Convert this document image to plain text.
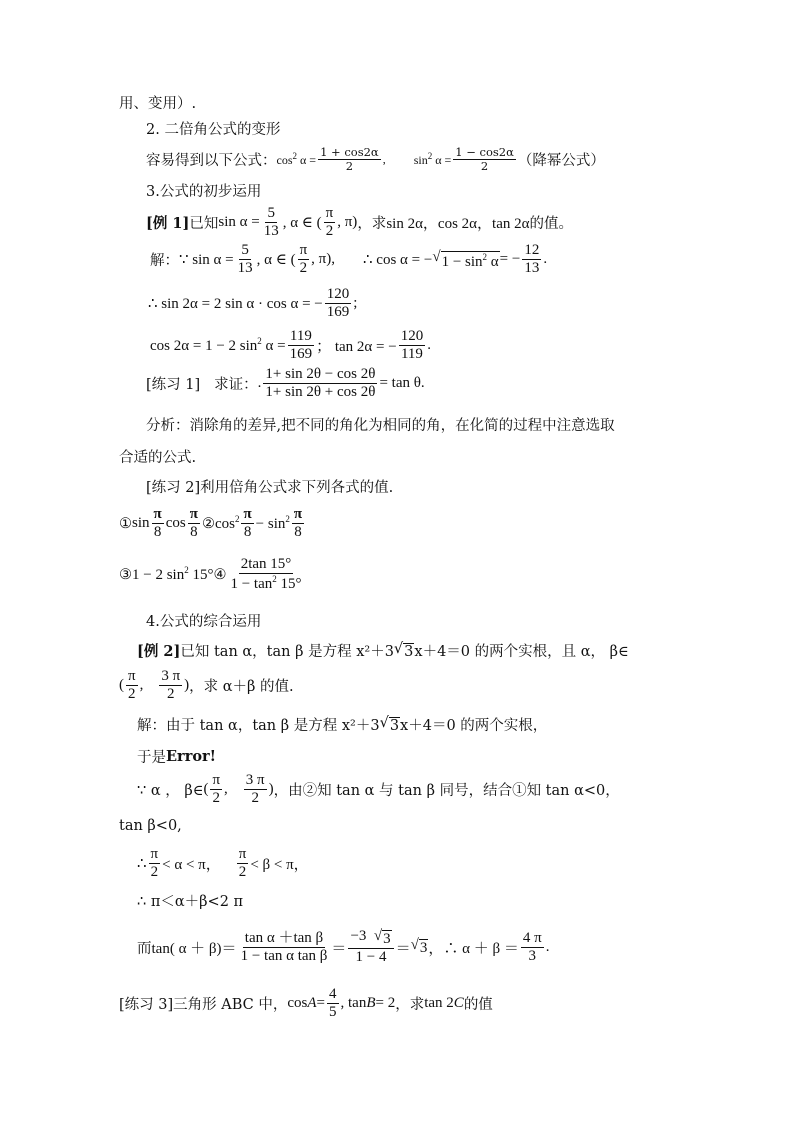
用、变用）.
2. 二倍角公式的变形
容易得到以下公式： $\cos^2 \alpha = \frac{1 + \cos 2\alpha}{2}$ , $\sin^2 \alpha = \frac{1 - \cos 2\alpha}{2}$ （降幂公式）
3.公式的初步运用
[例 1] 已知 $\sin \alpha = \frac{5}{13}$ , α ∈ ( $\frac{\pi}{2}$ , π) ，求 sin 2α，cos 2α，tan 2α 的值。
解： ∵ $\sin \alpha = \frac{5}{13}$ , α ∈ ( $\frac{\pi}{2}$ , π), ∴ cos α = − √ $1 - \sin^2 \alpha$ = − $\frac{12}{13}$ .
∴ sin 2α = 2 sin α · cos α = − $\frac{120}{169}$ ;
cos 2α = 1 − 2 $\sin^2 \alpha = \frac{119}{169}$ ； tan 2α = − $\frac{120}{119}$ .
[练习 1] 求证： . $\frac{1+ \sin 2\theta - \cos 2\theta}{1+ \sin 2\theta + \cos 2\theta} = \tan \theta$.
分析：消除角的差异,把不同的角化为相同的角，在化简的过程中注意选取
合适的公式.
[练习 2]利用倍角公式求下列各式的值.
① $\sin \frac{\pi}{8}$ $\cos \frac{\pi}{8}$ ② $\cos^2 \frac{\pi}{8} - \sin^2 \frac{\pi}{8}$
③ 1 − 2 $\sin^2 15^\circ$ ④ $\frac{2\tan 15^\circ}{1 - \tan^2 15^\circ}$
4.公式的综合运用
[例 2] 已知 tan α，tan β 是方程 x²＋3 √ 3 x＋4＝0 的两个实根，且 α， β∈
( $\frac{\pi}{2}$ , $\frac{3 \pi}{2}$ ) ，求 α＋β 的值.
解：由于 tan α，tan β 是方程 x²＋3 √ 3 x＋4＝0 的两个实根，
于是 Error!
∵ α ， β∈ ( $\frac{\pi}{2}$ , $\frac{3 \pi}{2}$ ) ，由②知 tan α 与 tan β 同号，结合①知 tan α<0，
tan β<0,
∴ $\frac{\pi}{2} < \alpha < \pi$， $\frac{\pi}{2} < \beta < \pi$，
∴ π＜α＋β<2 π
而 tan( $\alpha + \beta)= \frac{\text{tan α ＋tan β}}{\text{1 − tan α tan β}} = \frac{-3 √ 3}{1 - 4}$ ＝ √ 3 ，∴ $\alpha + \beta = \frac{4 \pi}{3}$ .
[练习 3]三角形 ABC 中， $\cos A = \frac{4}{5}$ , tan B = 2 ，求 tan 2 C 的值
